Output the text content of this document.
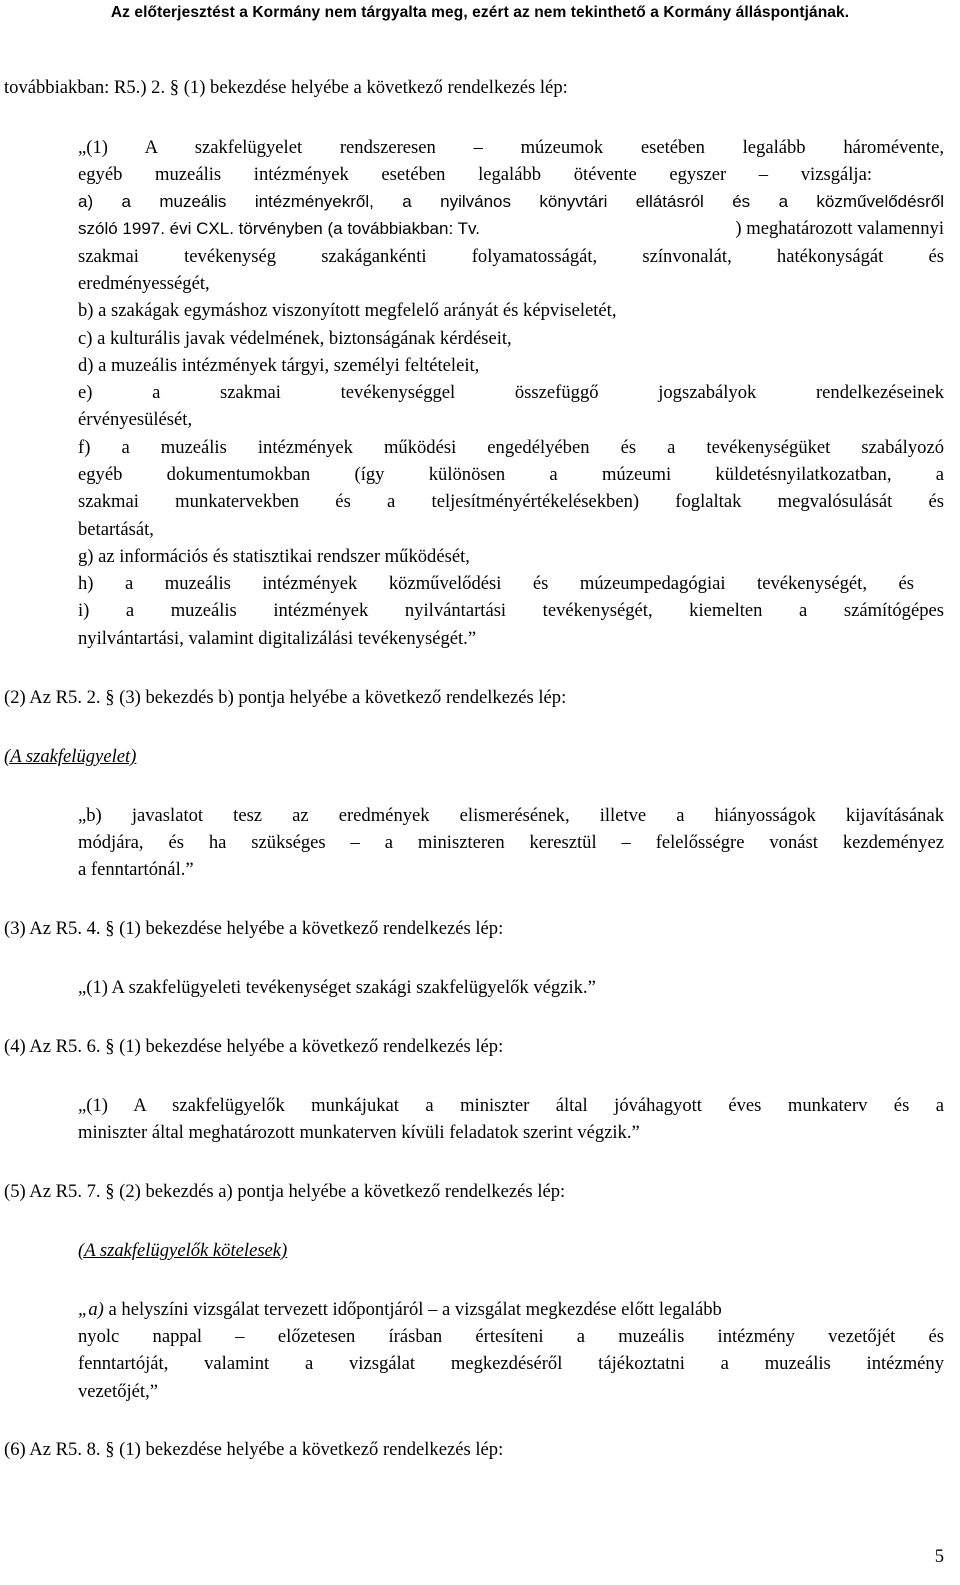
Az előterjesztést a Kormány nem tárgyalta meg, ezért az nem tekinthető a Kormány álláspontjának.
továbbiakban: R5.) 2. § (1) bekezdése helyébe a következő rendelkezés lép:
„(1) A szakfelügyelet rendszeresen – múzeumok esetében legalább háromévente,
egyéb muzeális intézmények esetében legalább ötévente egyszer – vizsgálja:
a) a muzeális intézményekről, a nyilvános könyvtári ellátásról és a közművelődésről
szóló 1997. évi CXL. törvényben (a továbbiakban: Tv.	) meghatározott valamennyi
szakmai tevékenység szakágankénti folyamatosságát, színvonalát, hatékonyságát és
eredményességét,
b) a szakágak egymáshoz viszonyított megfelelő arányát és képviseletét,
c) a kulturális javak védelmének, biztonságának kérdéseit,
d) a muzeális intézmények tárgyi, személyi feltételeit,
e) a szakmai tevékenységgel összefüggő jogszabályok rendelkezéseinek
érvényesülését,
f) a muzeális intézmények működési engedélyében és a tevékenységüket szabályozó
egyéb dokumentumokban (így különösen a múzeumi küldetésnyilatkozatban, a
szakmai munkatervekben és a teljesítményértékelésekben) foglaltak megvalósulását és
betartását,
g) az információs és statisztikai rendszer működését,
h) a muzeális intézmények közművelődési és múzeumpedagógiai tevékenységét, és
i) a muzeális intézmények nyilvántartási tevékenységét, kiemelten a számítógépes
nyilvántartási, valamint digitalizálási tevékenységét.”
(2) Az R5. 2. § (3) bekezdés b) pontja helyébe a következő rendelkezés lép:
(A szakfelügyelet)
„b) javaslatot tesz az eredmények elismerésének, illetve a hiányosságok kijavításának
módjára, és ha szükséges – a miniszteren keresztül – felelősségre vonást kezdeményez
a fenntartónál.”
(3) Az R5. 4. § (1) bekezdése helyébe a következő rendelkezés lép:
„(1) A szakfelügyeleti tevékenységet szakági szakfelügyelők végzik.”
(4) Az R5. 6. § (1) bekezdése helyébe a következő rendelkezés lép:
„(1) A szakfelügyelők munkájukat a miniszter által jóváhagyott éves munkaterv és a
miniszter által meghatározott munkaterven kívüli feladatok szerint végzik.”
(5) Az R5. 7. § (2) bekezdés a) pontja helyébe a következő rendelkezés lép:
(A szakfelügyelők kötelesek)
„a) a helyszíni vizsgálat tervezett időpontjáról – a vizsgálat megkezdése előtt legalább
nyolc nappal – előzetesen írásban értesíteni a muzeális intézmény vezetőjét és
fenntartóját, valamint a vizsgálat megkezdéséről tájékoztatni a muzeális intézmény
vezetőjét,”
(6) Az R5. 8. § (1) bekezdése helyébe a következő rendelkezés lép:
5
